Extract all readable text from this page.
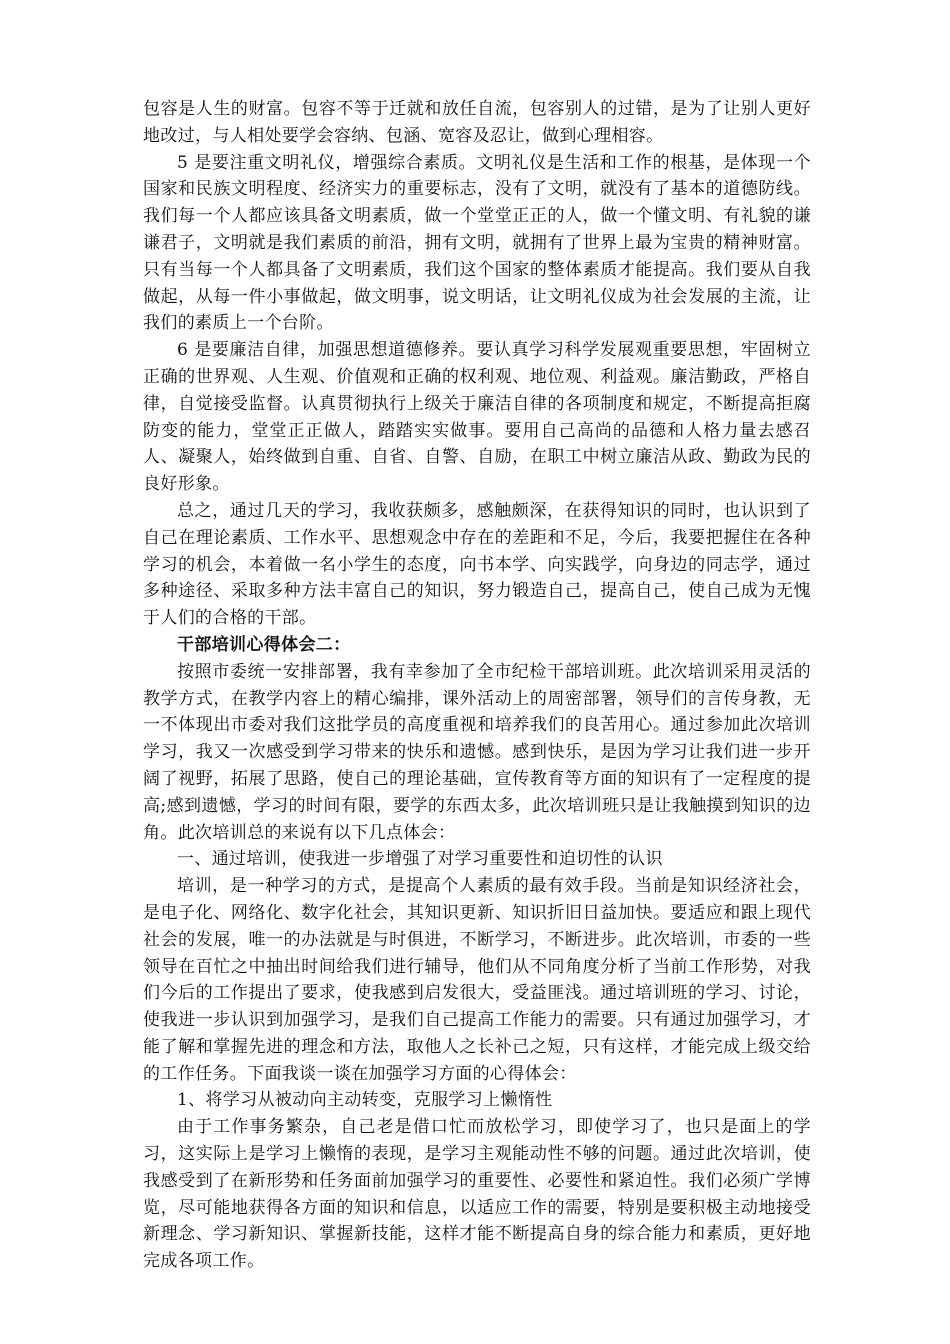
包容是人生的财富。包容不等于迁就和放任自流，包容别人的过错，是为了让别人更好地改过，与人相处要学会容纳、包涵、宽容及忍让，做到心理相容。

5 是要注重文明礼仪，增强综合素质。文明礼仪是生活和工作的根基，是体现一个国家和民族文明程度、经济实力的重要标志，没有了文明，就没有了基本的道德防线。我们每一个人都应该具备文明素质，做一个堂堂正正的人，做一个懂文明、有礼貌的谦谦君子，文明就是我们素质的前沿，拥有文明，就拥有了世界上最为宝贵的精神财富。只有当每一个人都具备了文明素质，我们这个国家的整体素质才能提高。我们要从自我做起，从每一件小事做起，做文明事，说文明话，让文明礼仪成为社会发展的主流，让我们的素质上一个台阶。

6 是要廉洁自律，加强思想道德修养。要认真学习科学发展观重要思想，牢固树立正确的世界观、人生观、价值观和正确的权利观、地位观、利益观。廉洁勤政，严格自律，自觉接受监督。认真贯彻执行上级关于廉洁自律的各项制度和规定，不断提高拒腐防变的能力，堂堂正正做人，踏踏实实做事。要用自己高尚的品德和人格力量去感召人、凝聚人，始终做到自重、自省、自警、自励，在职工中树立廉洁从政、勤政为民的良好形象。

总之，通过几天的学习，我收获颇多，感触颇深，在获得知识的同时，也认识到了自己在理论素质、工作水平、思想观念中存在的差距和不足，今后，我要把握住在各种学习的机会，本着做一名小学生的态度，向书本学、向实践学，向身边的同志学，通过多种途径、采取多种方法丰富自己的知识，努力锻造自己，提高自己，使自己成为无愧于人们的合格的干部。

干部培训心得体会二：

按照市委统一安排部署，我有幸参加了全市纪检干部培训班。此次培训采用灵活的教学方式，在教学内容上的精心编排，课外活动上的周密部署，领导们的言传身教，无一不体现出市委对我们这批学员的高度重视和培养我们的良苦用心。通过参加此次培训学习，我又一次感受到学习带来的快乐和遗憾。感到快乐，是因为学习让我们进一步开阔了视野，拓展了思路，使自己的理论基础，宣传教育等方面的知识有了一定程度的提高;感到遗憾，学习的时间有限，要学的东西太多，此次培训班只是让我触摸到知识的边角。此次培训总的来说有以下几点体会：

一、通过培训，使我进一步增强了对学习重要性和迫切性的认识

培训，是一种学习的方式，是提高个人素质的最有效手段。当前是知识经济社会，是电子化、网络化、数字化社会，其知识更新、知识折旧日益加快。要适应和跟上现代社会的发展，唯一的办法就是与时俱进，不断学习，不断进步。此次培训，市委的一些领导在百忙之中抽出时间给我们进行辅导，他们从不同角度分析了当前工作形势，对我们今后的工作提出了要求，使我感到启发很大，受益匪浅。通过培训班的学习、讨论，使我进一步认识到加强学习，是我们自己提高工作能力的需要。只有通过加强学习，才能了解和掌握先进的理念和方法，取他人之长补己之短，只有这样，才能完成上级交给的工作任务。下面我谈一谈在加强学习方面的心得体会：

1、将学习从被动向主动转变，克服学习上懒惰性

由于工作事务繁杂，自己老是借口忙而放松学习，即使学习了，也只是面上的学习，这实际上是学习上懒惰的表现，是学习主观能动性不够的问题。通过此次培训，使我感受到了在新形势和任务面前加强学习的重要性、必要性和紧迫性。我们必须广学博览，尽可能地获得各方面的知识和信息，以适应工作的需要，特别是要积极主动地接受新理念、学习新知识、掌握新技能，这样才能不断提高自身的综合能力和素质，更好地完成各项工作。
